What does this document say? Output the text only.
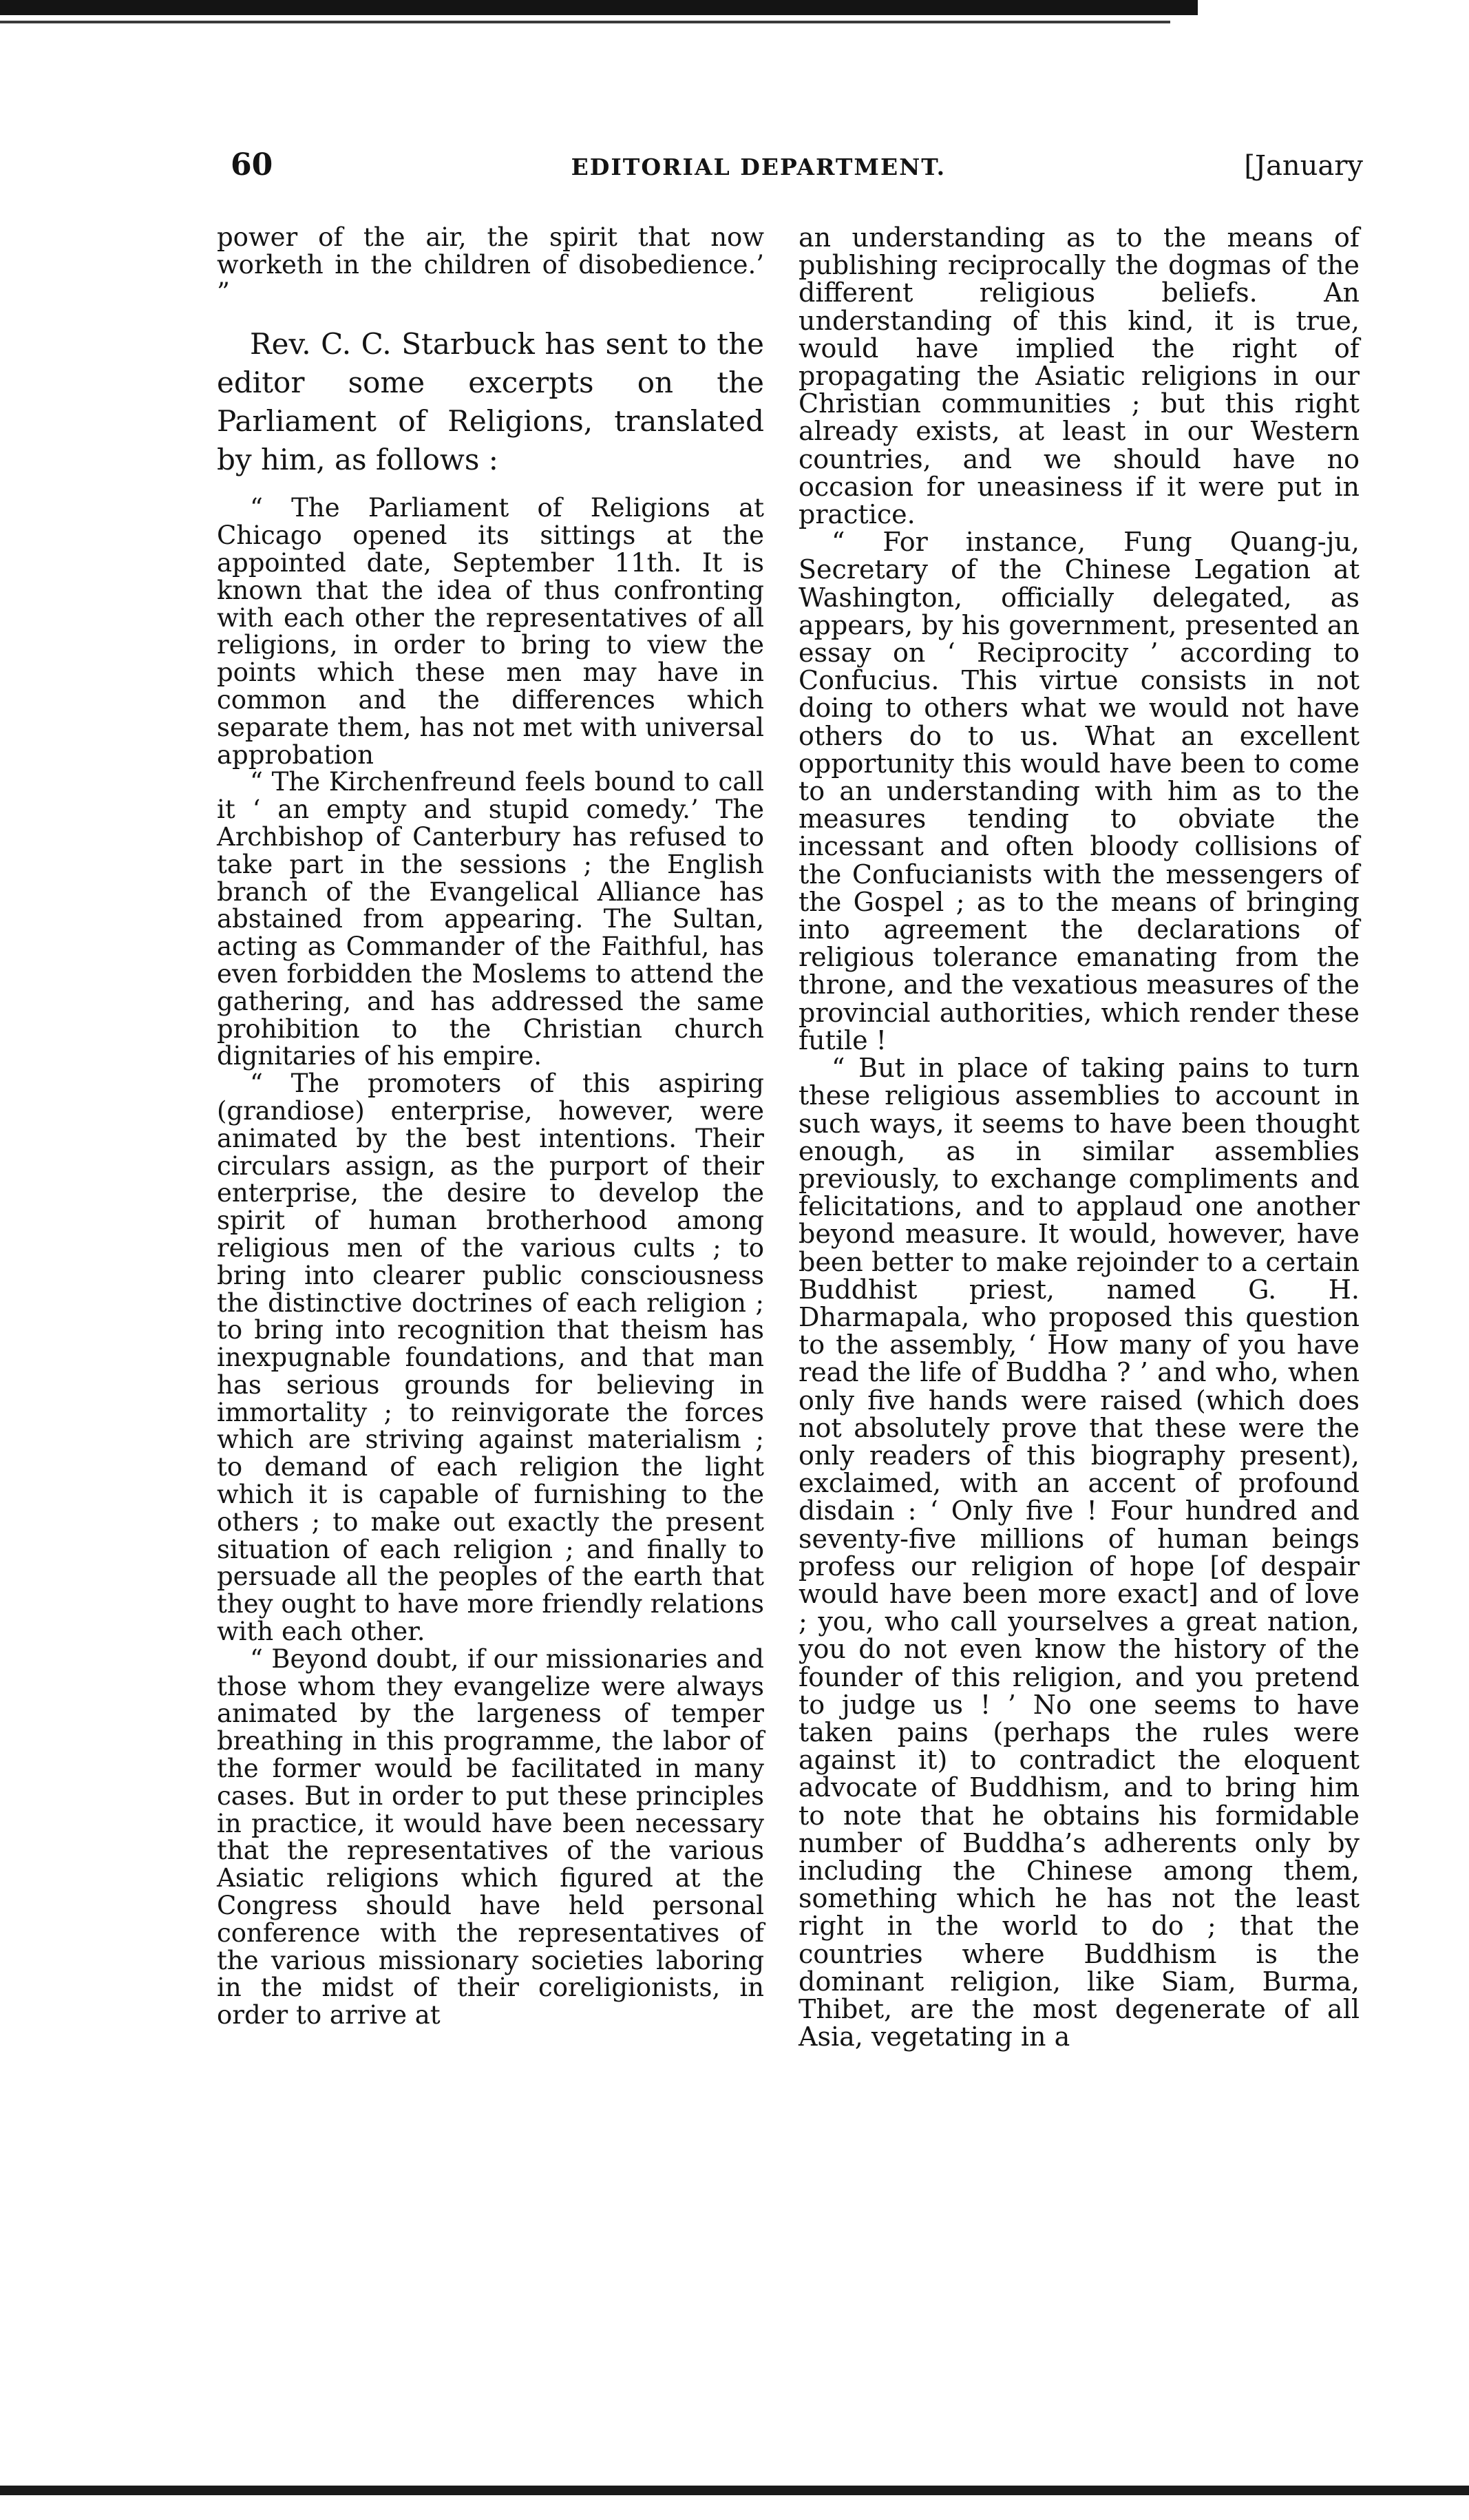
60	EDITORIAL DEPARTMENT.	[January

power of the air, the spirit that now worketh in the children of disobedience.’ ”

Rev. C. C. Starbuck has sent to the editor some excerpts on the Parliament of Religions, translated by him, as follows :

“ The Parliament of Religions at Chicago opened its sittings at the appointed date, September 11th. It is known that the idea of thus confronting with each other the representatives of all religions, in order to bring to view the points which these men may have in common and the differences which separate them, has not met with universal approbation

“ The Kirchenfreund feels bound to call it ‘ an empty and stupid comedy.’ The Archbishop of Canterbury has refused to take part in the sessions ; the English branch of the Evangelical Alliance has abstained from appearing. The Sultan, acting as Commander of the Faithful, has even forbidden the Moslems to attend the gathering, and has addressed the same prohibition to the Christian church dignitaries of his empire.

“ The promoters of this aspiring (grandiose) enterprise, however, were animated by the best intentions. Their circulars assign, as the purport of their enterprise, the desire to develop the spirit of human brotherhood among religious men of the various cults ; to bring into clearer public consciousness the distinctive doctrines of each religion ; to bring into recognition that theism has inexpugnable foundations, and that man has serious grounds for believing in immortality ; to reinvigorate the forces which are striving against materialism ; to demand of each religion the light which it is capable of furnishing to the others ; to make out exactly the present situation of each religion ; and finally to persuade all the peoples of the earth that they ought to have more friendly relations with each other.

“ Beyond doubt, if our missionaries and those whom they evangelize were always animated by the largeness of temper breathing in this programme, the labor of the former would be facilitated in many cases. But in order to put these principles in practice, it would have been necessary that the representatives of the various Asiatic religions which figured at the Congress should have held personal conference with the representatives of the various missionary societies laboring in the midst of their coreligionists, in order to arrive at

an understanding as to the means of publishing reciprocally the dogmas of the different religious beliefs. An understanding of this kind, it is true, would have implied the right of propagating the Asiatic religions in our Christian communities ; but this right already exists, at least in our Western countries, and we should have no occasion for uneasiness if it were put in practice.

“ For instance, Fung Quang-ju, Secretary of the Chinese Legation at Washington, officially delegated, as appears, by his government, presented an essay on ‘ Reciprocity ’ according to Confucius. This virtue consists in not doing to others what we would not have others do to us. What an excellent opportunity this would have been to come to an understanding with him as to the measures tending to obviate the incessant and often bloody collisions of the Confucianists with the messengers of the Gospel ; as to the means of bringing into agreement the declarations of religious tolerance emanating from the throne, and the vexatious measures of the provincial authorities, which render these futile !

“ But in place of taking pains to turn these religious assemblies to account in such ways, it seems to have been thought enough, as in similar assemblies previously, to exchange compliments and felicitations, and to applaud one another beyond measure. It would, however, have been better to make rejoinder to a certain Buddhist priest, named G. H. Dharmapala, who proposed this question to the assembly, ‘ How many of you have read the life of Buddha ? ’ and who, when only five hands were raised (which does not absolutely prove that these were the only readers of this biography present), exclaimed, with an accent of profound disdain : ‘ Only five ! Four hundred and seventy-five millions of human beings profess our religion of hope [of despair would have been more exact] and of love ; you, who call yourselves a great nation, you do not even know the history of the founder of this religion, and you pretend to judge us ! ’ No one seems to have taken pains (perhaps the rules were against it) to contradict the eloquent advocate of Buddhism, and to bring him to note that he obtains his formidable number of Buddha’s adherents only by including the Chinese among them, something which he has not the least right in the world to do ; that the countries where Buddhism is the dominant religion, like Siam, Burma, Thibet, are the most degenerate of all Asia, vegetating in a
